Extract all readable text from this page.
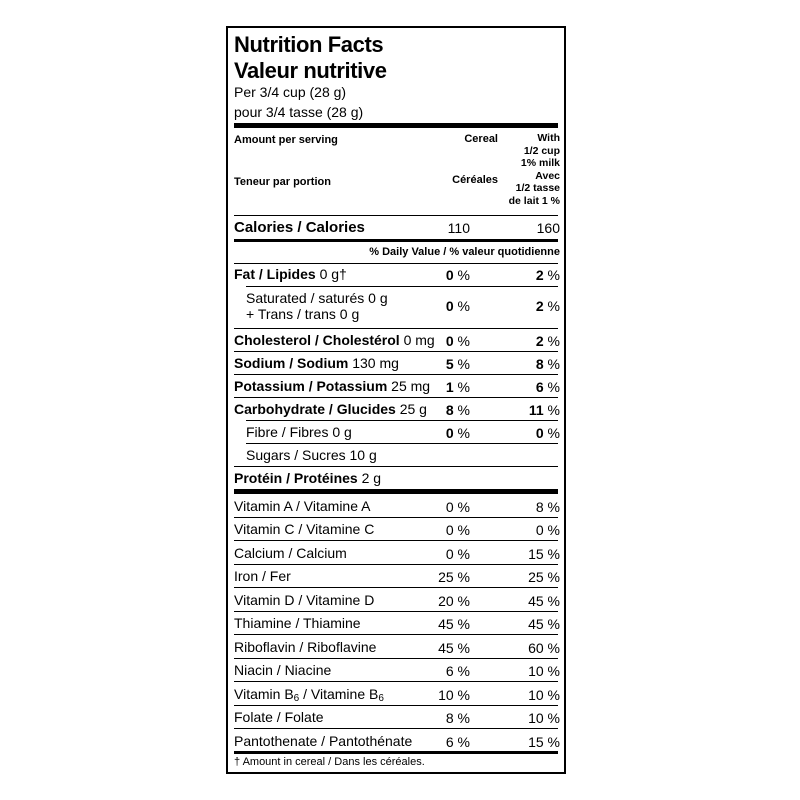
Nutrition Facts
Valeur nutritive
Per 3/4 cup (28 g)
pour 3/4 tasse (28 g)
Amount per serving
Teneur par portion
Cereal
Céréales
With
1/2 cup
1% milk
Avec
1/2 tasse
de lait 1 %
Calories / Calories	110	160
% Daily Value / % valeur quotidienne
Fat / Lipides 0 g†	0 %	2 %
Saturated / saturés 0 g
+ Trans / trans 0 g	0 %	2 %
Cholesterol / Cholestérol 0 mg 0 %	2 %
Sodium / Sodium 130 mg	5 %	8 %
Potassium / Potassium 25 mg 1 %	6 %
Carbohydrate / Glucides 25 g 8 %	11 %
Fibre / Fibres 0 g	0 %	0 %
Sugars / Sucres 10 g
Protéin / Protéines 2 g
Vitamin A / Vitamine A	0 %	8 %
Vitamin C / Vitamine C	0 %	0 %
Calcium / Calcium	0 %	15 %
Iron / Fer	25 %	25 %
Vitamin D / Vitamine D	20 %	45 %
Thiamine / Thiamine	45 %	45 %
Riboflavin / Riboflavine	45 %	60 %
Niacin / Niacine	6 %	10 %
Vitamin $B_6$ / Vitamine $B_6$	10 %	10 %
Folate / Folate	8 %	10 %
Pantothenate / Pantothénate 6 %	15 %
† Amount in cereal / Dans les céréales.
